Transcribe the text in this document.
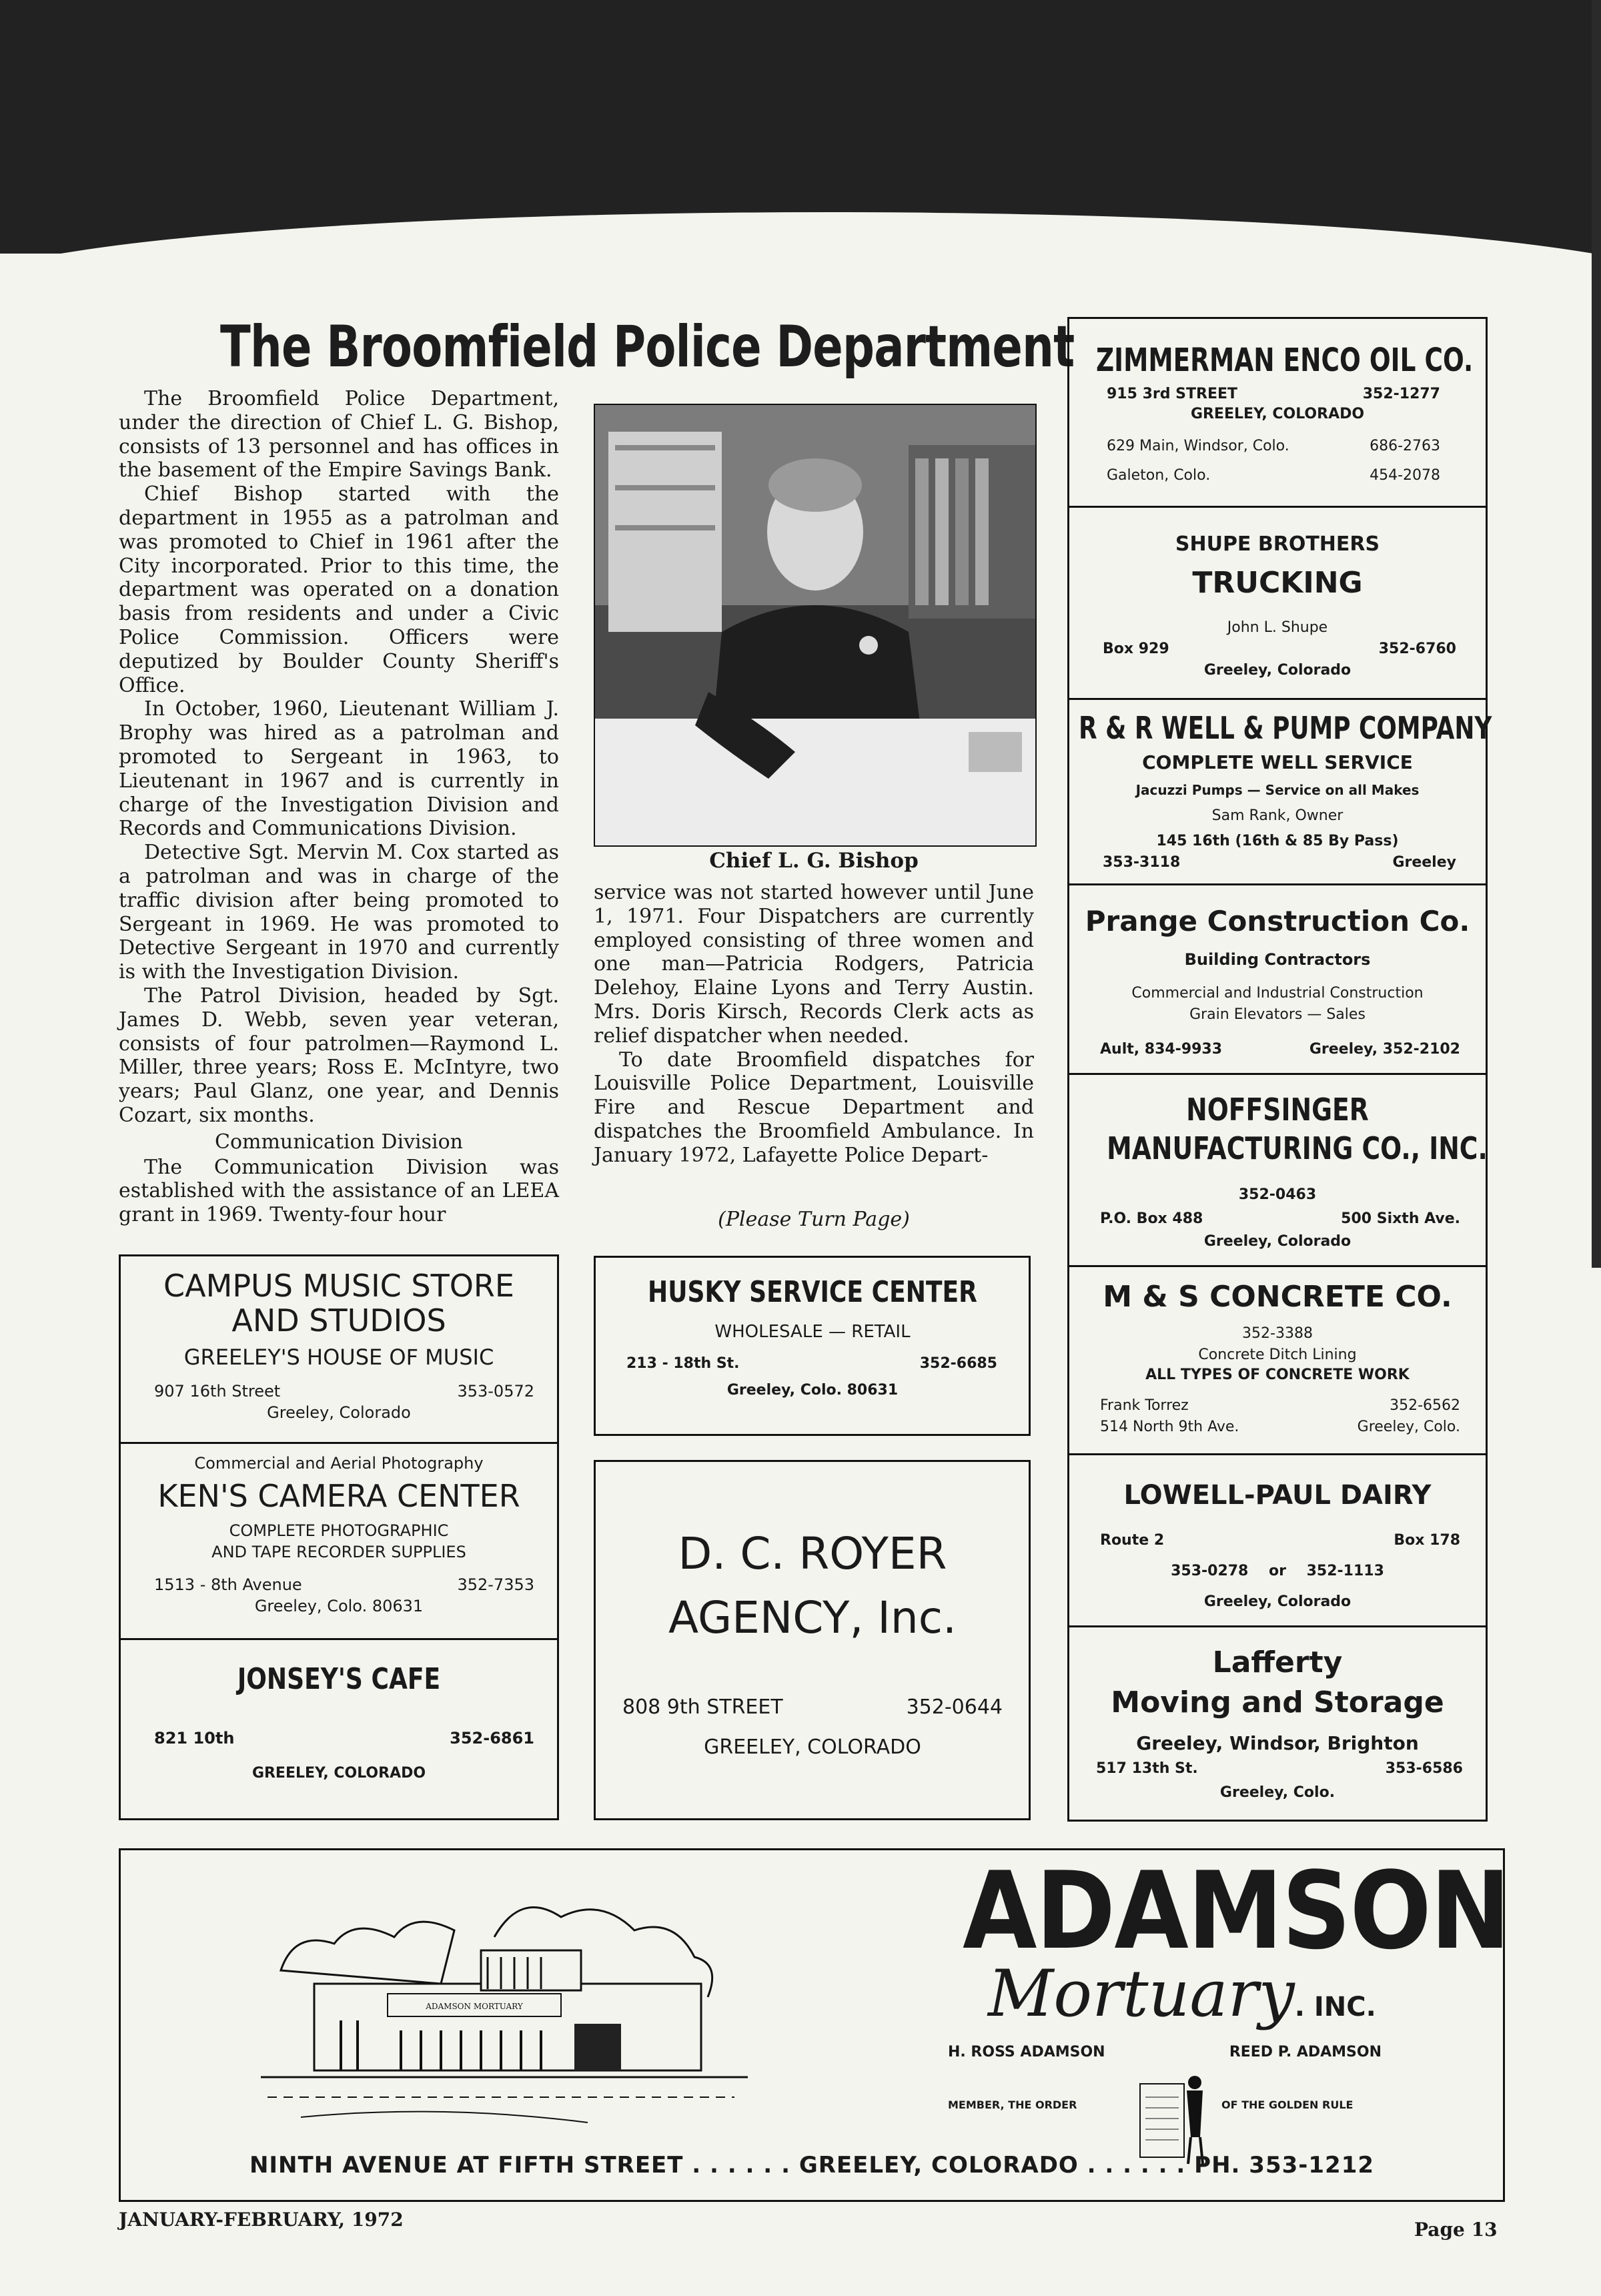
The Broomfield Police Department

The Broomfield Police Department, under the direction of Chief L. G. Bishop, consists of 13 personnel and has offices in the basement of the Empire Savings Bank.

Chief Bishop started with the department in 1955 as a patrolman and was promoted to Chief in 1961 after the City incorporated. Prior to this time, the department was operated on a donation basis from residents and under a Civic Police Commission. Officers were deputized by Boulder County Sheriff's Office.

In October, 1960, Lieutenant William J. Brophy was hired as a patrolman and promoted to Sergeant in 1963, to Lieutenant in 1967 and is currently in charge of the Investigation Division and Records and Communications Division.

Detective Sgt. Mervin M. Cox started as a patrolman and was in charge of the traffic division after being promoted to Sergeant in 1969. He was promoted to Detective Sergeant in 1970 and currently is with the Investigation Division.

The Patrol Division, headed by Sgt. James D. Webb, seven year veteran, consists of four patrolmen—Raymond L. Miller, three years; Ross E. McIntyre, two years; Paul Glanz, one year, and Dennis Cozart, six months.

Communication Division

The Communication Division was established with the assistance of an LEEA grant in 1969. Twenty-four hour

Chief L. G. Bishop

service was not started however until June 1, 1971. Four Dispatchers are currently employed consisting of three women and one man—Patricia Rodgers, Patricia Delehoy, Elaine Lyons and Terry Austin. Mrs. Doris Kirsch, Records Clerk acts as relief dispatcher when needed.

To date Broomfield dispatches for Louisville Police Department, Louisville Fire and Rescue Department and dispatches the Broomfield Ambulance. In January 1972, Lafayette Police Depart-

(Please Turn Page)
CAMPUS MUSIC STORE
AND STUDIOS
GREELEY'S HOUSE OF MUSIC
907 16th Street	353-0572
Greeley, Colorado
Commercial and Aerial Photography
KEN'S CAMERA CENTER
COMPLETE PHOTOGRAPHIC
AND TAPE RECORDER SUPPLIES
1513 - 8th Avenue	352-7353
Greeley, Colo. 80631
JONSEY'S CAFE
821 10th	352-6861
GREELEY, COLORADO
HUSKY SERVICE CENTER
WHOLESALE — RETAIL
213 - 18th St.	352-6685
Greeley, Colo. 80631
D. C. ROYER
AGENCY, Inc.
808 9th STREET	352-0644
GREELEY, COLORADO
ZIMMERMAN ENCO OIL CO.
915 3rd STREET	352-1277
GREELEY, COLORADO
629 Main, Windsor, Colo.	686-2763
Galeton, Colo.	454-2078
SHUPE BROTHERS
TRUCKING
John L. Shupe
Box 929	352-6760
Greeley, Colorado
R & R WELL & PUMP COMPANY
COMPLETE WELL SERVICE
Jacuzzi Pumps — Service on all Makes
Sam Rank, Owner
145 16th (16th & 85 By Pass)
353-3118	Greeley
Prange Construction Co.
Building Contractors
Commercial and Industrial Construction
Grain Elevators — Sales
Ault, 834-9933	Greeley, 352-2102
NOFFSINGER
MANUFACTURING CO., INC.
352-0463
P.O. Box 488	500 Sixth Ave.
Greeley, Colorado
M & S CONCRETE CO.
352-3388
Concrete Ditch Lining
ALL TYPES OF CONCRETE WORK
Frank Torrez	352-6562
514 North 9th Ave.	Greeley, Colo.
LOWELL-PAUL DAIRY
Route 2	Box 178
353-0278 or 352-1113
Greeley, Colorado
Lafferty
Moving and Storage
Greeley, Windsor, Brighton
517 13th St.	353-6586
Greeley, Colo.
ADAMSON MORTUARY
ADAMSON
Mortuary. INC.
H. ROSS ADAMSON	REED P. ADAMSON
MEMBER, THE ORDER	OF THE GOLDEN RULE
NINTH AVENUE AT FIFTH STREET . . . . . . GREELEY, COLORADO . . . . . . PH. 353-1212
JANUARY-FEBRUARY, 1972	Page 13
